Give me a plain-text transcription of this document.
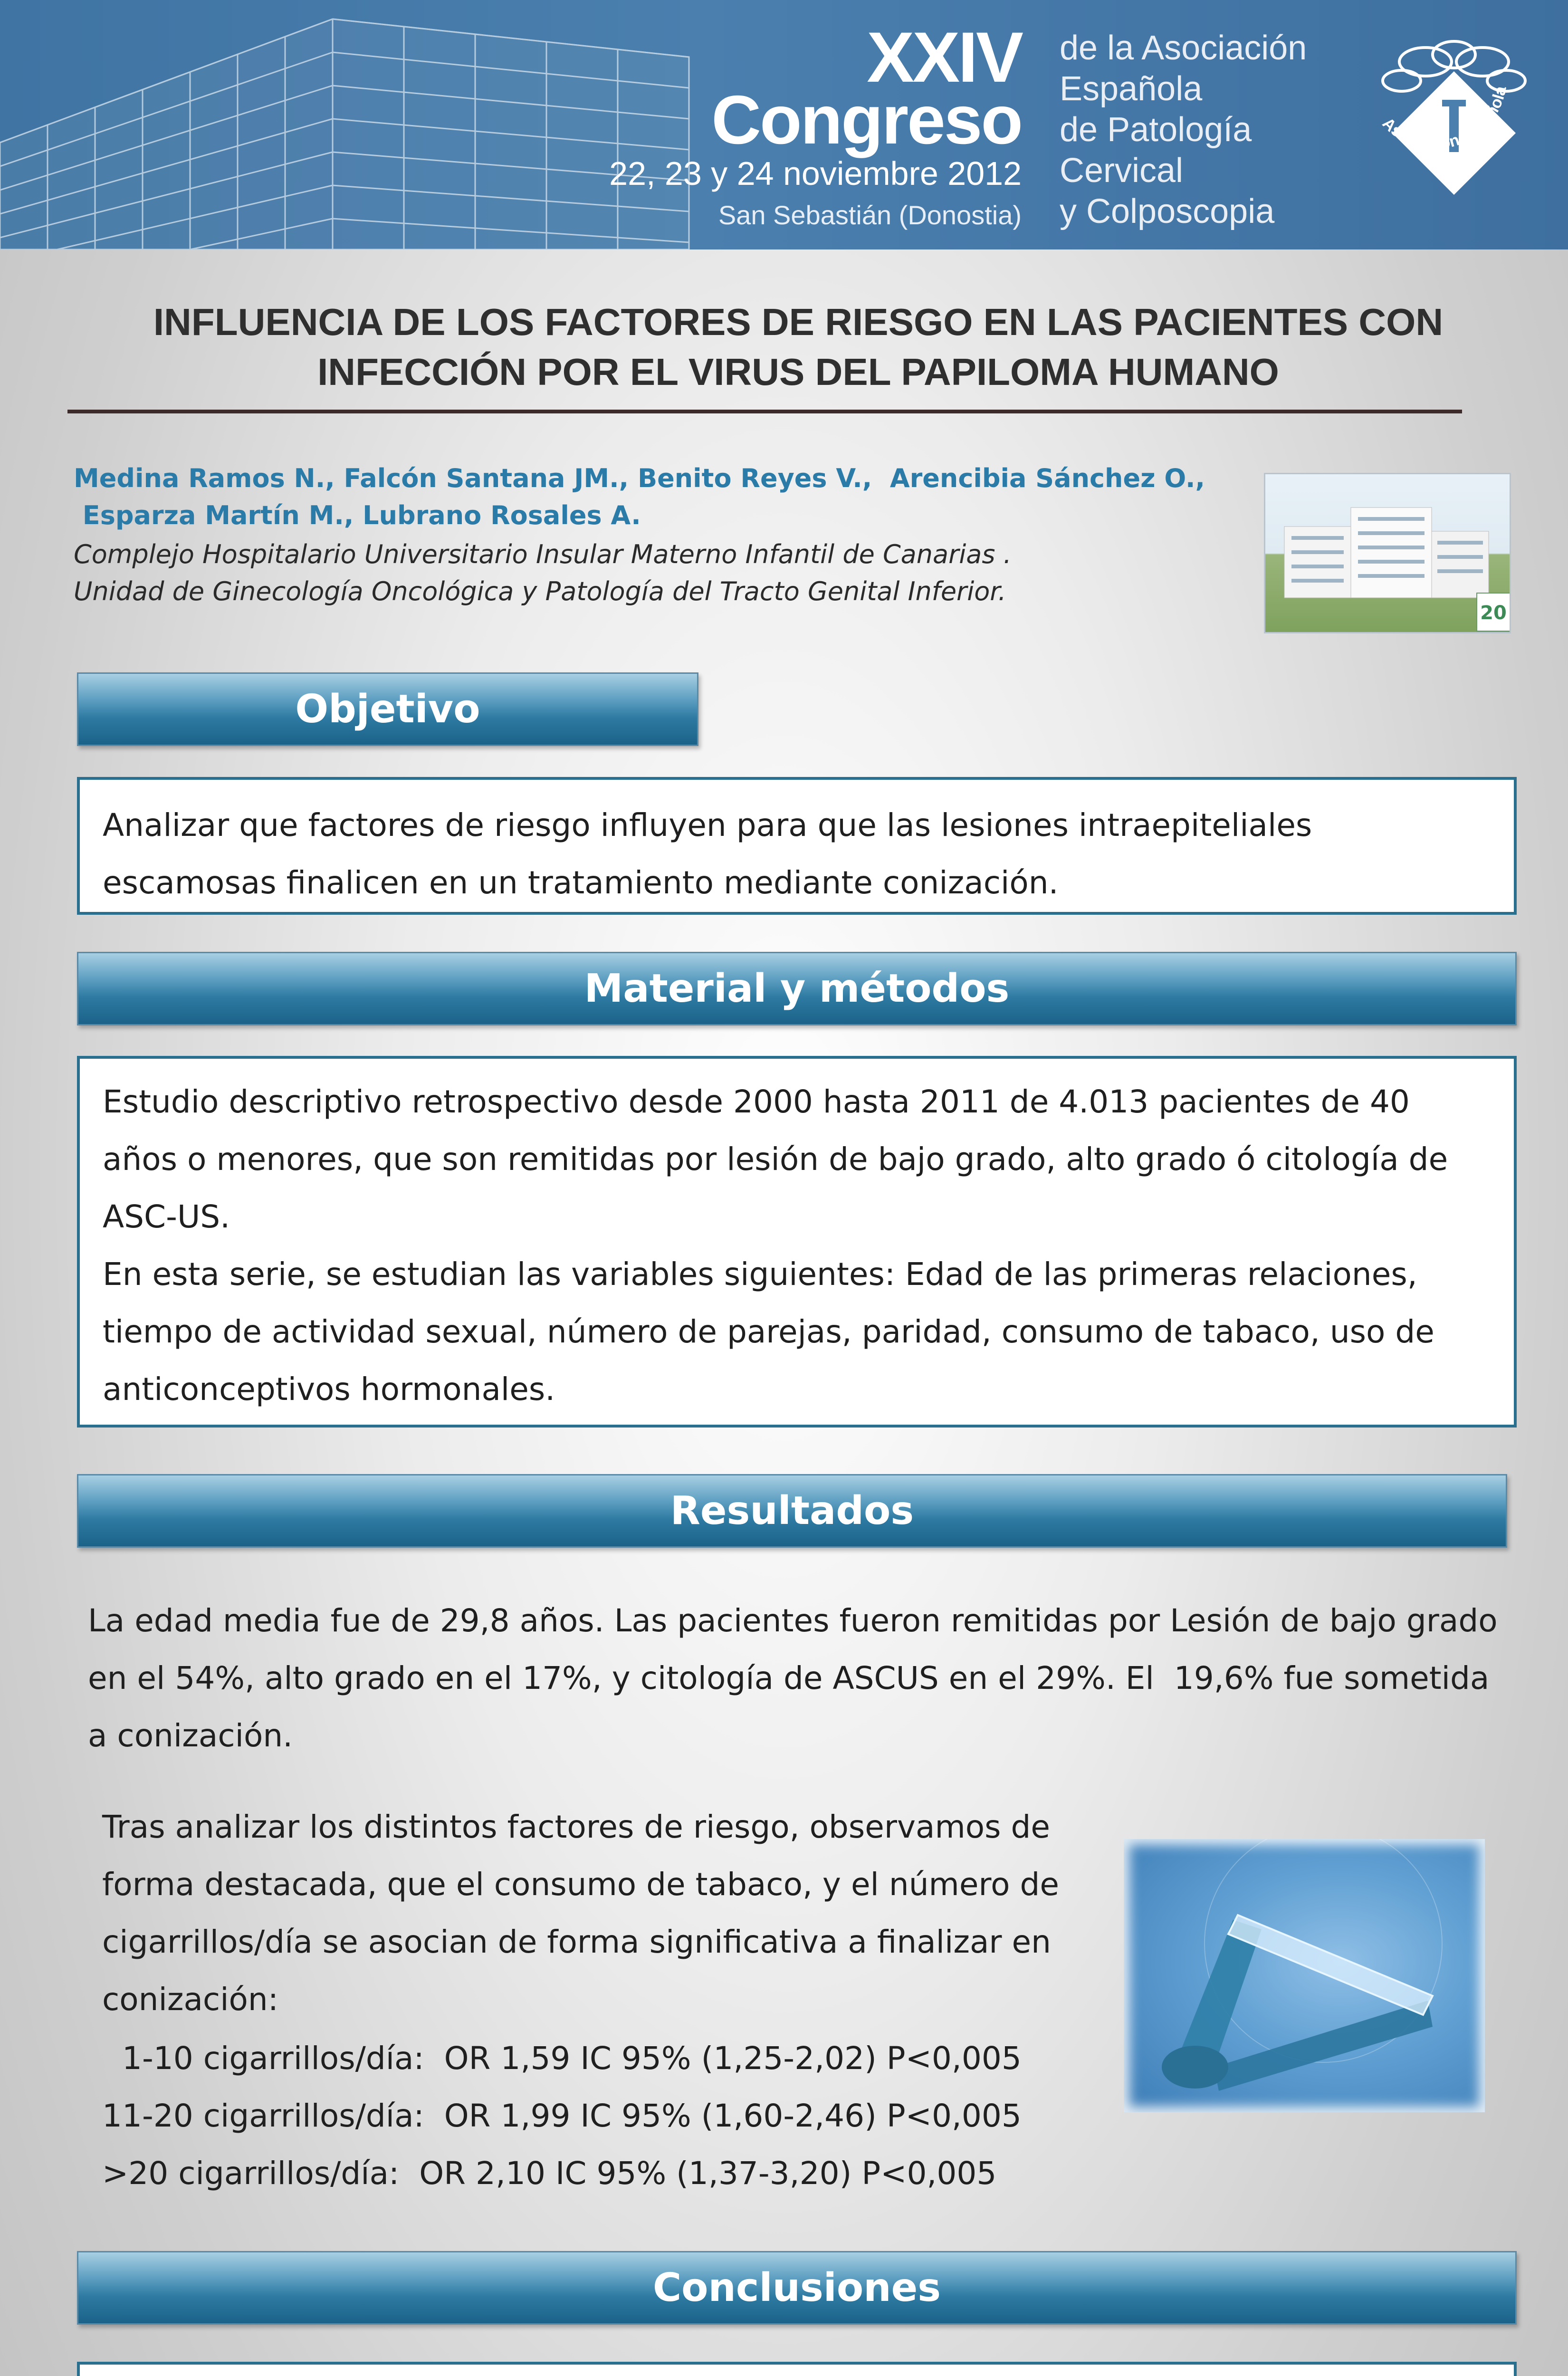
XXIV
Congreso
22, 23 y 24 noviembre 2012
San Sebastián (Donostia)
de la Asociación
Española
de Patología
Cervical
y Colposcopia
Asociación Española
INFLUENCIA DE LOS FACTORES DE RIESGO EN LAS PACIENTES CON
INFECCIÓN POR EL VIRUS DEL PAPILOMA HUMANO
Medina Ramos N., Falcón Santana JM., Benito Reyes V.,  Arencibia Sánchez O.,
Esparza Martín M., Lubrano Rosales A.
Complejo Hospitalario Universitario Insular Materno Infantil de Canarias .
Unidad de Ginecología Oncológica y Patología del Tracto Genital Inferior.
20
Objetivo
Analizar que factores de riesgo influyen para que las lesiones intraepiteliales escamosas finalicen en un tratamiento mediante conización.
Material y métodos
Estudio descriptivo retrospectivo desde 2000 hasta 2011 de 4.013 pacientes de 40 años o menores, que son remitidas por lesión de bajo grado, alto grado ó citología de ASC-US.
En esta serie, se estudian las variables siguientes: Edad de las primeras relaciones, tiempo de actividad sexual, número de parejas, paridad, consumo de tabaco, uso de anticonceptivos hormonales.
Resultados
La edad media fue de 29,8 años. Las pacientes fueron remitidas por Lesión de bajo grado en el 54%, alto grado en el 17%, y citología de ASCUS en el 29%. El  19,6% fue sometida a conización.
Tras analizar los distintos factores de riesgo, observamos de forma destacada, que el consumo de tabaco, y el número de cigarrillos/día se asocian de forma significativa a finalizar en conización:
1-10 cigarrillos/día:  OR 1,59 IC 95% (1,25-2,02) P<0,005
11-20 cigarrillos/día:  OR 1,99 IC 95% (1,60-2,46) P<0,005
>20 cigarrillos/día:  OR 2,10 IC 95% (1,37-3,20) P<0,005
Conclusiones
